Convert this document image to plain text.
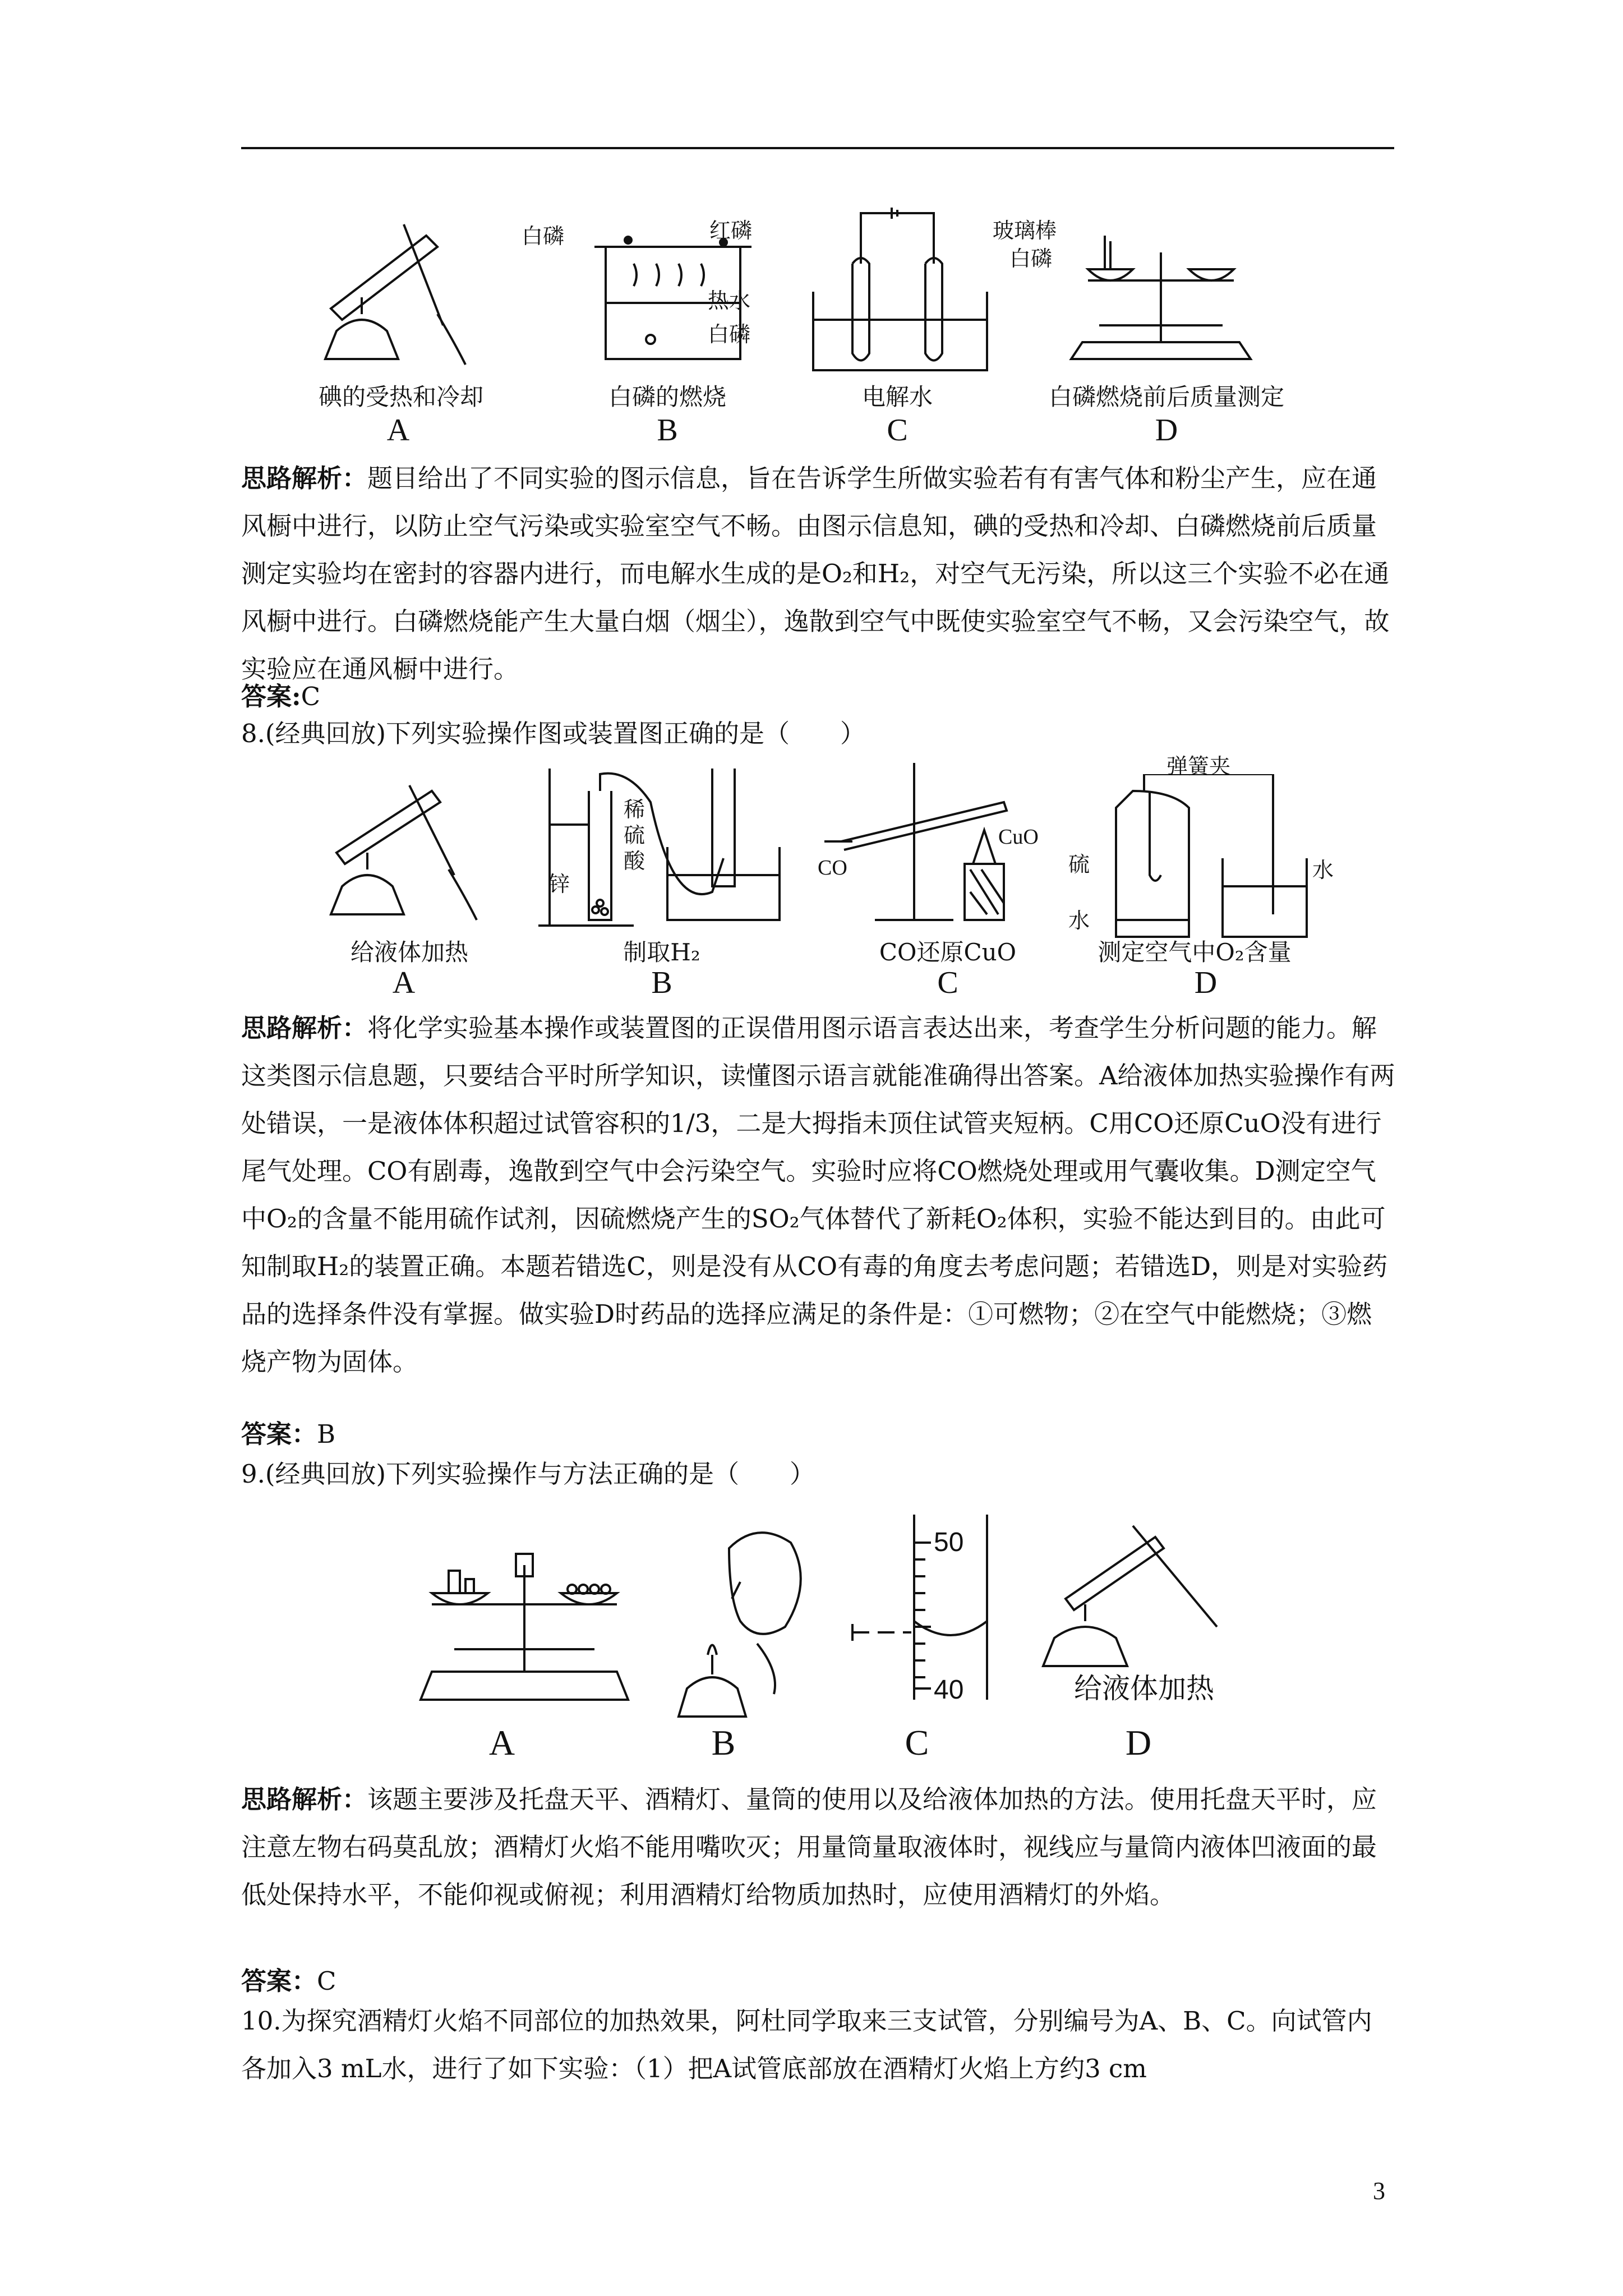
白磷	红磷
热水
白磷
玻璃棒
白磷
碘的受热和冷却	白磷的燃烧	电解水	白磷燃烧前后质量测定
A	B	C	D
思路解析：题目给出了不同实验的图示信息，旨在告诉学生所做实验若有有害气体和粉尘产生，应在通风橱中进行，以防止空气污染或实验室空气不畅。由图示信息知，碘的受热和冷却、白磷燃烧前后质量测定实验均在密封的容器内进行，而电解水生成的是O₂和H₂，对空气无污染，所以这三个实验不必在通风橱中进行。白磷燃烧能产生大量白烟（烟尘），逸散到空气中既使实验室空气不畅，又会污染空气，故实验应在通风橱中进行。
答案:C
8.(经典回放)下列实验操作图或装置图正确的是（　　）
锌
稀硫酸	CO
CuO
弹簧夹
硫
水
水
给液体加热	制取H₂	CO还原CuO	测定空气中O₂含量
A	B	C	D
思路解析：将化学实验基本操作或装置图的正误借用图示语言表达出来，考查学生分析问题的能力。解这类图示信息题，只要结合平时所学知识，读懂图示语言就能准确得出答案。A给液体加热实验操作有两处错误，一是液体体积超过试管容积的1/3，二是大拇指未顶住试管夹短柄。C用CO还原CuO没有进行尾气处理。CO有剧毒，逸散到空气中会污染空气。实验时应将CO燃烧处理或用气囊收集。D测定空气中O₂的含量不能用硫作试剂，因硫燃烧产生的SO₂气体替代了新耗O₂体积，实验不能达到目的。由此可知制取H₂的装置正确。本题若错选C，则是没有从CO有毒的角度去考虑问题；若错选D，则是对实验药品的选择条件没有掌握。做实验D时药品的选择应满足的条件是：①可燃物；②在空气中能燃烧；③燃烧产物为固体。
答案：B
9.(经典回放)下列实验操作与方法正确的是（　　）
50
40	给液体加热
A	B	C	D
思路解析：该题主要涉及托盘天平、酒精灯、量筒的使用以及给液体加热的方法。使用托盘天平时，应注意左物右码莫乱放；酒精灯火焰不能用嘴吹灭；用量筒量取液体时，视线应与量筒内液体凹液面的最低处保持水平，不能仰视或俯视；利用酒精灯给物质加热时，应使用酒精灯的外焰。
答案：C
10.为探究酒精灯火焰不同部位的加热效果，阿杜同学取来三支试管，分别编号为A、B、C。向试管内各加入3 mL水，进行了如下实验：（1）把A试管底部放在酒精灯火焰上方约3 cm
3
